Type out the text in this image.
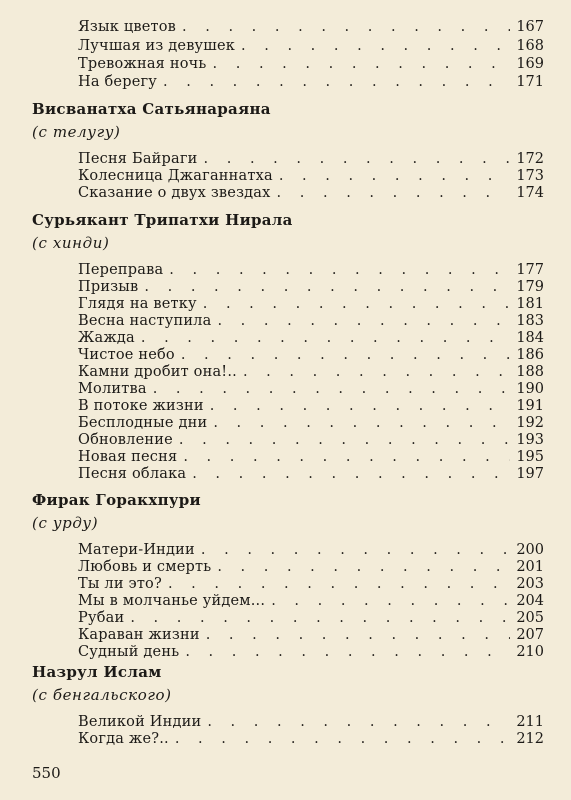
Язык цветов . . .	167
Лучшая из девушек . . .	168
Тревожная ночь . . .	169
На берегу . . .	171
Висванатха Сатьянараяна
(с телугу)
Песня Байраги . . .	172
Колесница Джаганнатха . . .	173
Сказание о двух звездах . . .	174
Сурьякант Трипатхи Нирала
(с хинди)
Переправа . . .	177
Призыв . . .	179
Глядя на ветку . . .	181
Весна наступила . . .	183
Жажда . . .	184
Чистое небо . . .	186
Камни дробит она!.. . . .	188
Молитва . . .	190
В потоке жизни . . .	191
Бесплодные дни . . .	192
Обновление . . .	193
Новая песня . . .	195
Песня облака . . .	197
Фирак Горакхпури
(с урду)
Матери-Индии . . .	200
Любовь и смерть . . .	201
Ты ли это? . . .	203
Мы в молчанье уйдем... . . .	204
Рубаи . . .	205
Караван жизни . . .	207
Судный день . . .	210
Назрул Ислам
(с бенгальского)
Великой Индии . . .	211
Когда же?.. . . .	212
550
